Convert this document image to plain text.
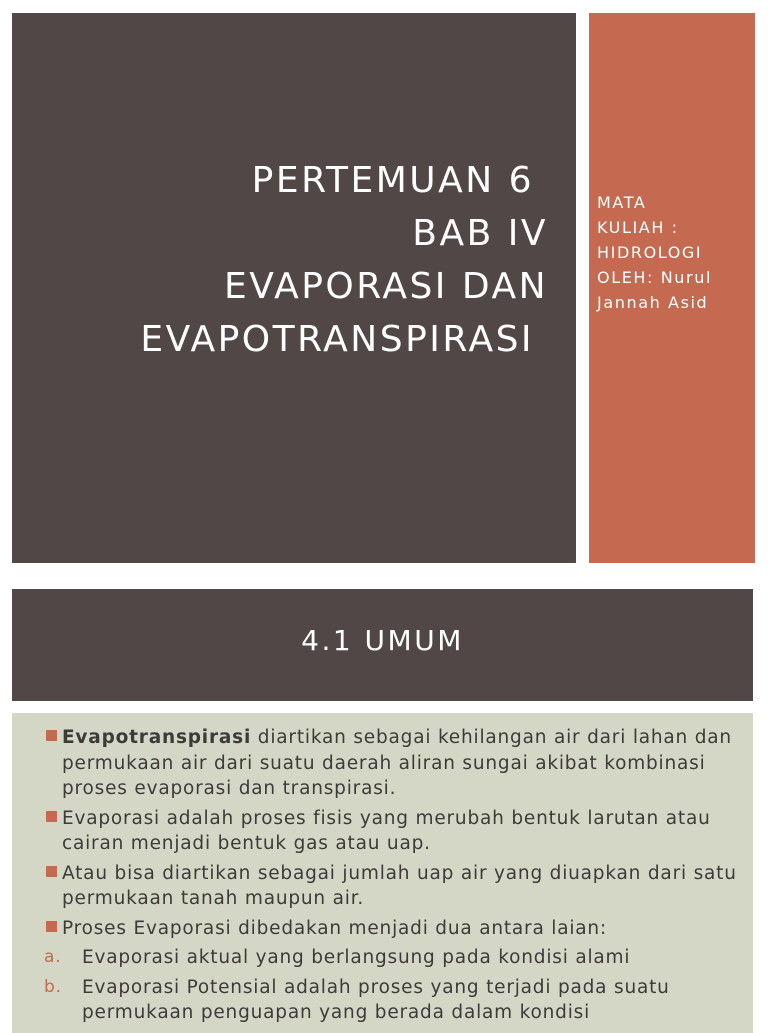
PERTEMUAN 6
BAB IV
EVAPORASI DAN
EVAPOTRANSPIRASI
MATA
KULIAH :
HIDROLOGI
OLEH: Nurul
Jannah Asid
4.1 UMUM
Evapotranspirasi diartikan sebagai kehilangan air dari lahan dan permukaan air dari suatu daerah aliran sungai akibat kombinasi proses evaporasi dan transpirasi.
Evaporasi adalah proses fisis yang merubah bentuk larutan atau cairan menjadi bentuk gas atau uap.
Atau bisa diartikan sebagai jumlah uap air yang diuapkan dari satu permukaan tanah maupun air.
Proses Evaporasi dibedakan menjadi dua antara laian:
a. Evaporasi aktual yang berlangsung pada kondisi alami
b. Evaporasi Potensial adalah proses yang terjadi pada suatu permukaan penguapan yang berada dalam kondisi
